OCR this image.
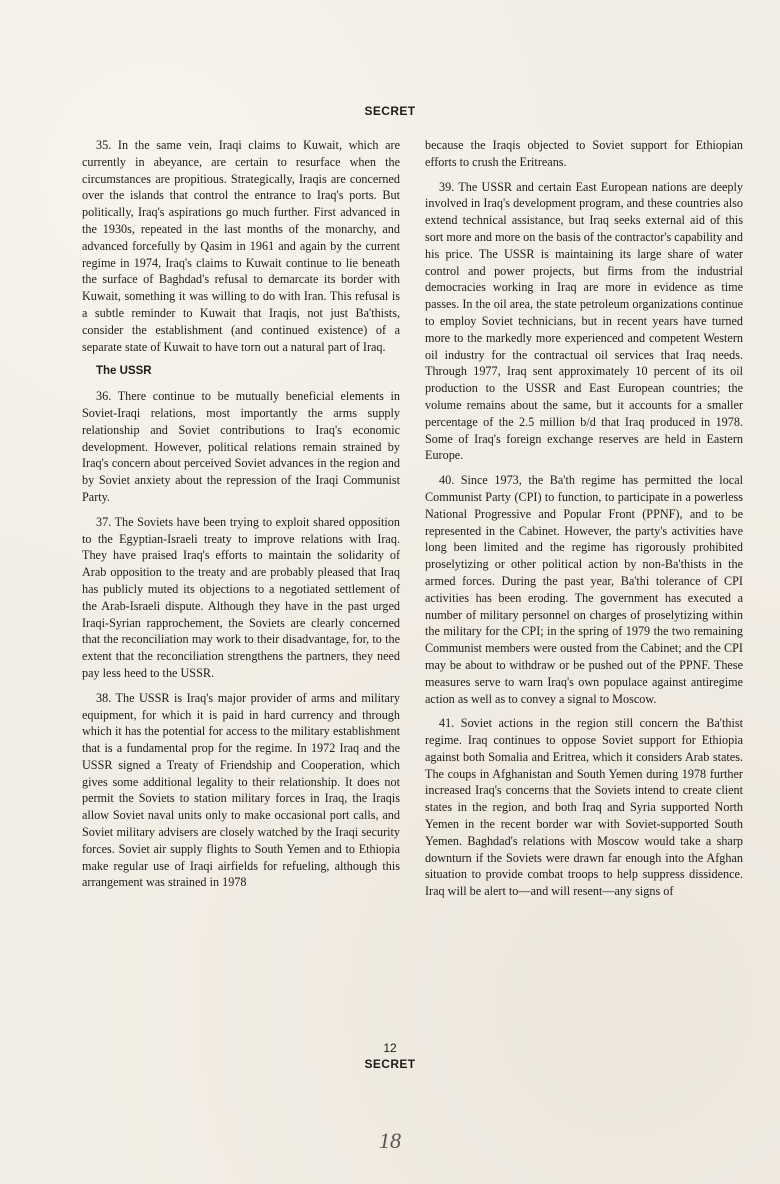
SECRET

35. In the same vein, Iraqi claims to Kuwait, which are currently in abeyance, are certain to resurface when the circumstances are propitious. Strategically, Iraqis are concerned over the islands that control the entrance to Iraq's ports. But politically, Iraq's aspirations go much further. First advanced in the 1930s, repeated in the last months of the monarchy, and advanced forcefully by Qasim in 1961 and again by the current regime in 1974, Iraq's claims to Kuwait continue to lie beneath the surface of Baghdad's refusal to demarcate its border with Kuwait, something it was willing to do with Iran. This refusal is a subtle reminder to Kuwait that Iraqis, not just Ba'thists, consider the establishment (and continued existence) of a separate state of Kuwait to have torn out a natural part of Iraq.

The USSR

36. There continue to be mutually beneficial elements in Soviet-Iraqi relations, most importantly the arms supply relationship and Soviet contributions to Iraq's economic development. However, political relations remain strained by Iraq's concern about perceived Soviet advances in the region and by Soviet anxiety about the repression of the Iraqi Communist Party.

37. The Soviets have been trying to exploit shared opposition to the Egyptian-Israeli treaty to improve relations with Iraq. They have praised Iraq's efforts to maintain the solidarity of Arab opposition to the treaty and are probably pleased that Iraq has publicly muted its objections to a negotiated settlement of the Arab-Israeli dispute. Although they have in the past urged Iraqi-Syrian rapprochement, the Soviets are clearly concerned that the reconciliation may work to their disadvantage, for, to the extent that the reconciliation strengthens the partners, they need pay less heed to the USSR.

38. The USSR is Iraq's major provider of arms and military equipment, for which it is paid in hard currency and through which it has the potential for access to the military establishment that is a fundamental prop for the regime. In 1972 Iraq and the USSR signed a Treaty of Friendship and Cooperation, which gives some additional legality to their relationship. It does not permit the Soviets to station military forces in Iraq, the Iraqis allow Soviet naval units only to make occasional port calls, and Soviet military advisers are closely watched by the Iraqi security forces. Soviet air supply flights to South Yemen and to Ethiopia make regular use of Iraqi airfields for refueling, although this arrangement was strained in 1978

because the Iraqis objected to Soviet support for Ethiopian efforts to crush the Eritreans.

39. The USSR and certain East European nations are deeply involved in Iraq's development program, and these countries also extend technical assistance, but Iraq seeks external aid of this sort more and more on the basis of the contractor's capability and his price. The USSR is maintaining its large share of water control and power projects, but firms from the industrial democracies working in Iraq are more in evidence as time passes. In the oil area, the state petroleum organizations continue to employ Soviet technicians, but in recent years have turned more to the markedly more experienced and competent Western oil industry for the contractual oil services that Iraq needs. Through 1977, Iraq sent approximately 10 percent of its oil production to the USSR and East European countries; the volume remains about the same, but it accounts for a smaller percentage of the 2.5 million b/d that Iraq produced in 1978. Some of Iraq's foreign exchange reserves are held in Eastern Europe.

40. Since 1973, the Ba'th regime has permitted the local Communist Party (CPI) to function, to participate in a powerless National Progressive and Popular Front (PPNF), and to be represented in the Cabinet. However, the party's activities have long been limited and the regime has rigorously prohibited proselytizing or other political action by non-Ba'thists in the armed forces. During the past year, Ba'thi tolerance of CPI activities has been eroding. The government has executed a number of military personnel on charges of proselytizing within the military for the CPI; in the spring of 1979 the two remaining Communist members were ousted from the Cabinet; and the CPI may be about to withdraw or be pushed out of the PPNF. These measures serve to warn Iraq's own populace against antiregime action as well as to convey a signal to Moscow.

41. Soviet actions in the region still concern the Ba'thist regime. Iraq continues to oppose Soviet support for Ethiopia against both Somalia and Eritrea, which it considers Arab states. The coups in Afghanistan and South Yemen during 1978 further increased Iraq's concerns that the Soviets intend to create client states in the region, and both Iraq and Syria supported North Yemen in the recent border war with Soviet-supported South Yemen. Baghdad's relations with Moscow would take a sharp downturn if the Soviets were drawn far enough into the Afghan situation to provide combat troops to help suppress dissidence. Iraq will be alert to—and will resent—any signs of

12
SECRET
18
